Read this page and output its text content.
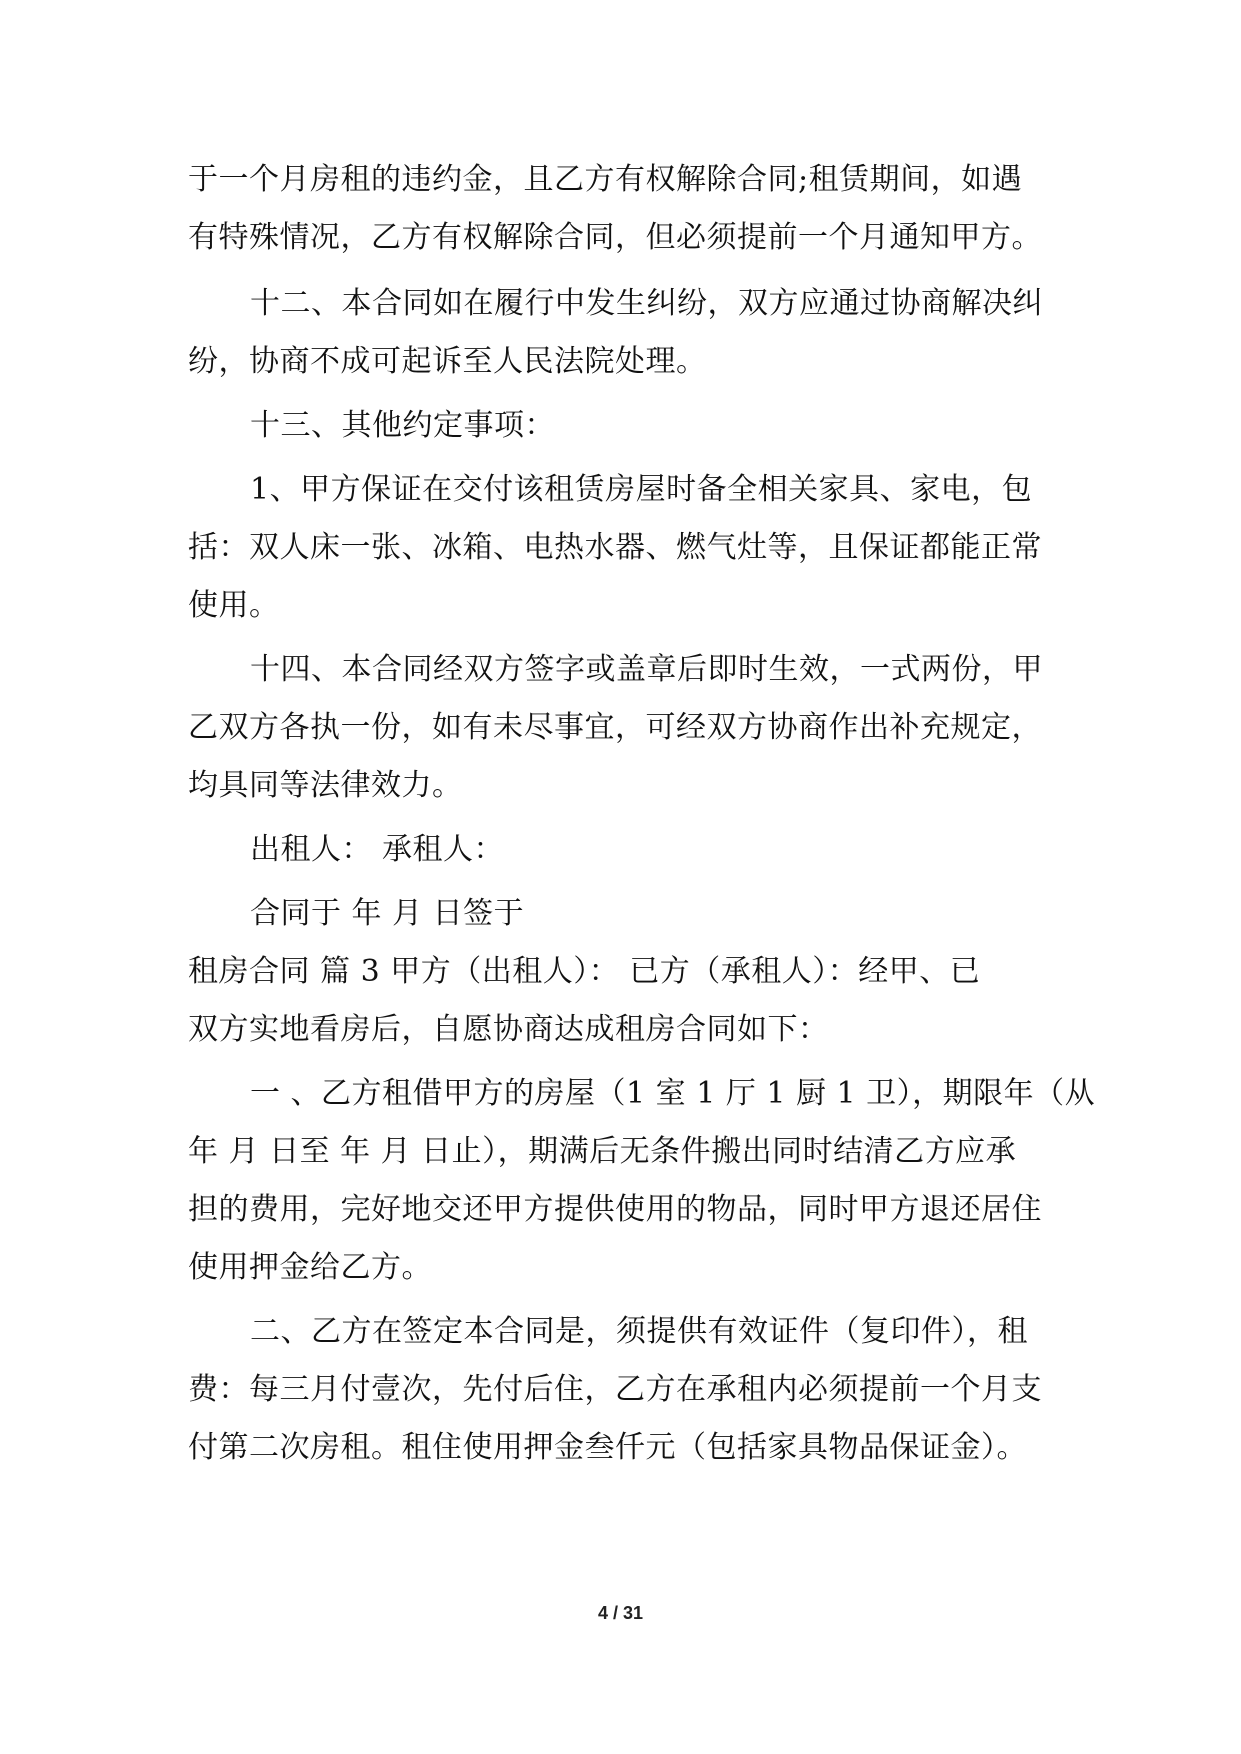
于一个月房租的违约金，且乙方有权解除合同;租赁期间，如遇
有特殊情况，乙方有权解除合同，但必须提前一个月通知甲方。
十二、本合同如在履行中发生纠纷，双方应通过协商解决纠
纷，协商不成可起诉至人民法院处理。
十三、其他约定事项：
1、甲方保证在交付该租赁房屋时备全相关家具、家电，包
括：双人床一张、冰箱、电热水器、燃气灶等，且保证都能正常
使用。
十四、本合同经双方签字或盖章后即时生效，一式两份，甲
乙双方各执一份，如有未尽事宜，可经双方协商作出补充规定，
均具同等法律效力。
出租人： 承租人：
合同于 年 月 日签于
租房合同 篇 3 甲方（出租人）： 已方（承租人）：经甲、已
双方实地看房后，自愿协商达成租房合同如下：
一 、乙方租借甲方的房屋（1 室 1 厅 1 厨 1 卫），期限年（从
年 月 日至 年 月 日止），期满后无条件搬出同时结清乙方应承
担的费用，完好地交还甲方提供使用的物品，同时甲方退还居住
使用押金给乙方。
二、乙方在签定本合同是，须提供有效证件（复印件），租
费：每三月付壹次，先付后住，乙方在承租内必须提前一个月支
付第二次房租。租住使用押金叁仟元（包括家具物品保证金）。
4 / 31
